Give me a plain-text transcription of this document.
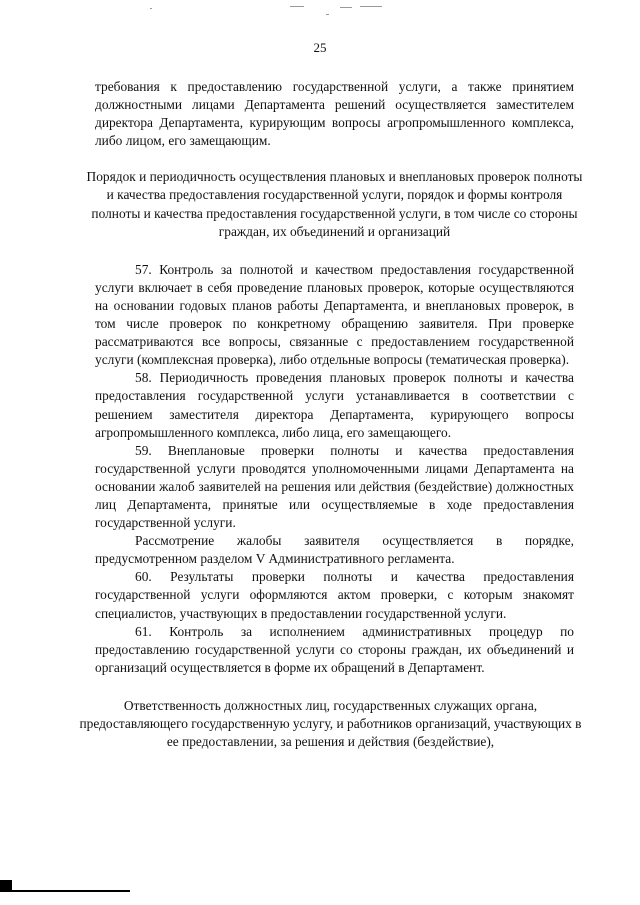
25

требования к предоставлению государственной услуги, а также принятием должностными лицами Департамента решений осуществляется заместителем директора Департамента, курирующим вопросы агропромышленного комплекса, либо лицом, его замещающим.

Порядок и периодичность осуществления плановых и внеплановых проверок полноты и качества предоставления государственной услуги, порядок и формы контроля полноты и качества предоставления государственной услуги, в том числе со стороны граждан, их объединений и организаций

57. Контроль за полнотой и качеством предоставления государственной услуги включает в себя проведение плановых проверок, которые осуществляются на основании годовых планов работы Департамента, и внеплановых проверок, в том числе проверок по конкретному обращению заявителя. При проверке рассматриваются все вопросы, связанные с предоставлением государственной услуги (комплексная проверка), либо отдельные вопросы (тематическая проверка).

58. Периодичность проведения плановых проверок полноты и качества предоставления государственной услуги устанавливается в соответствии с решением заместителя директора Департамента, курирующего вопросы агропромышленного комплекса, либо лица, его замещающего.

59. Внеплановые проверки полноты и качества предоставления государственной услуги проводятся уполномоченными лицами Департамента на основании жалоб заявителей на решения или действия (бездействие) должностных лиц Департамента, принятые или осуществляемые в ходе предоставления государственной услуги.

Рассмотрение жалобы заявителя осуществляется в порядке, предусмотренном разделом V Административного регламента.

60. Результаты проверки полноты и качества предоставления государственной услуги оформляются актом проверки, с которым знакомят специалистов, участвующих в предоставлении государственной услуги.

61. Контроль за исполнением административных процедур по предоставлению государственной услуги со стороны граждан, их объединений и организаций осуществляется в форме их обращений в Департамент.

Ответственность должностных лиц, государственных служащих органа, предоставляющего государственную услугу, и работников организаций, участвующих в ее предоставлении, за решения и действия (бездействие),
